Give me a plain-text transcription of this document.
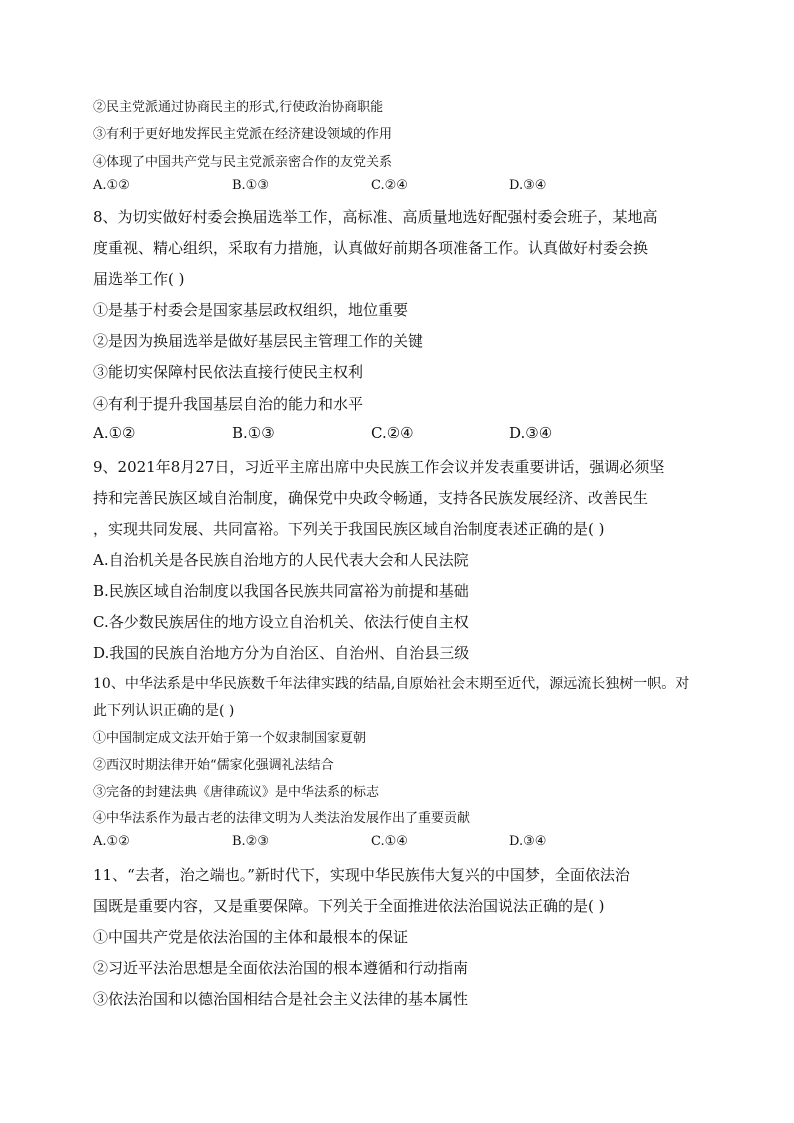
②民主党派通过协商民主的形式,行使政治协商职能
③有利于更好地发挥民主党派在经济建设领域的作用
④体现了中国共产党与民主党派亲密合作的友党关系
A.①②	B.①③	C.②④	D.③④
8、为切实做好村委会换届选举工作，高标准、高质量地选好配强村委会班子，某地高
度重视、精心组织，采取有力措施，认真做好前期各项准备工作。认真做好村委会换
届选举工作( )
①是基于村委会是国家基层政权组织，地位重要
②是因为换届选举是做好基层民主管理工作的关键
③能切实保障村民依法直接行使民主权利
④有利于提升我国基层自治的能力和水平
A.①②	B.①③	C.②④	D.③④
9、2021年8月27日，习近平主席出席中央民族工作会议并发表重要讲话，强调必须坚
持和完善民族区域自治制度，确保党中央政令畅通，支持各民族发展经济、改善民生
，实现共同发展、共同富裕。下列关于我国民族区域自治制度表述正确的是( )
A.自治机关是各民族自治地方的人民代表大会和人民法院
B.民族区域自治制度以我国各民族共同富裕为前提和基础
C.各少数民族居住的地方设立自治机关、依法行使自主权
D.我国的民族自治地方分为自治区、自治州、自治县三级
10、中华法系是中华民族数千年法律实践的结晶,自原始社会末期至近代，源远流长独树一帜。对
此下列认识正确的是( )
①中国制定成文法开始于第一个奴隶制国家夏朝
②西汉时期法律开始“儒家化强调礼法结合
③完备的封建法典《唐律疏议》是中华法系的标志
④中华法系作为最古老的法律文明为人类法治发展作出了重要贡献
A.①②	B.②③	C.①④	D.③④
11、“去者，治之端也。”新时代下，实现中华民族伟大复兴的中国梦，全面依法治
国既是重要内容，又是重要保障。下列关于全面推进依法治国说法正确的是( )
①中国共产党是依法治国的主体和最根本的保证
②习近平法治思想是全面依法治国的根本遵循和行动指南
③依法治国和以德治国相结合是社会主义法律的基本属性
